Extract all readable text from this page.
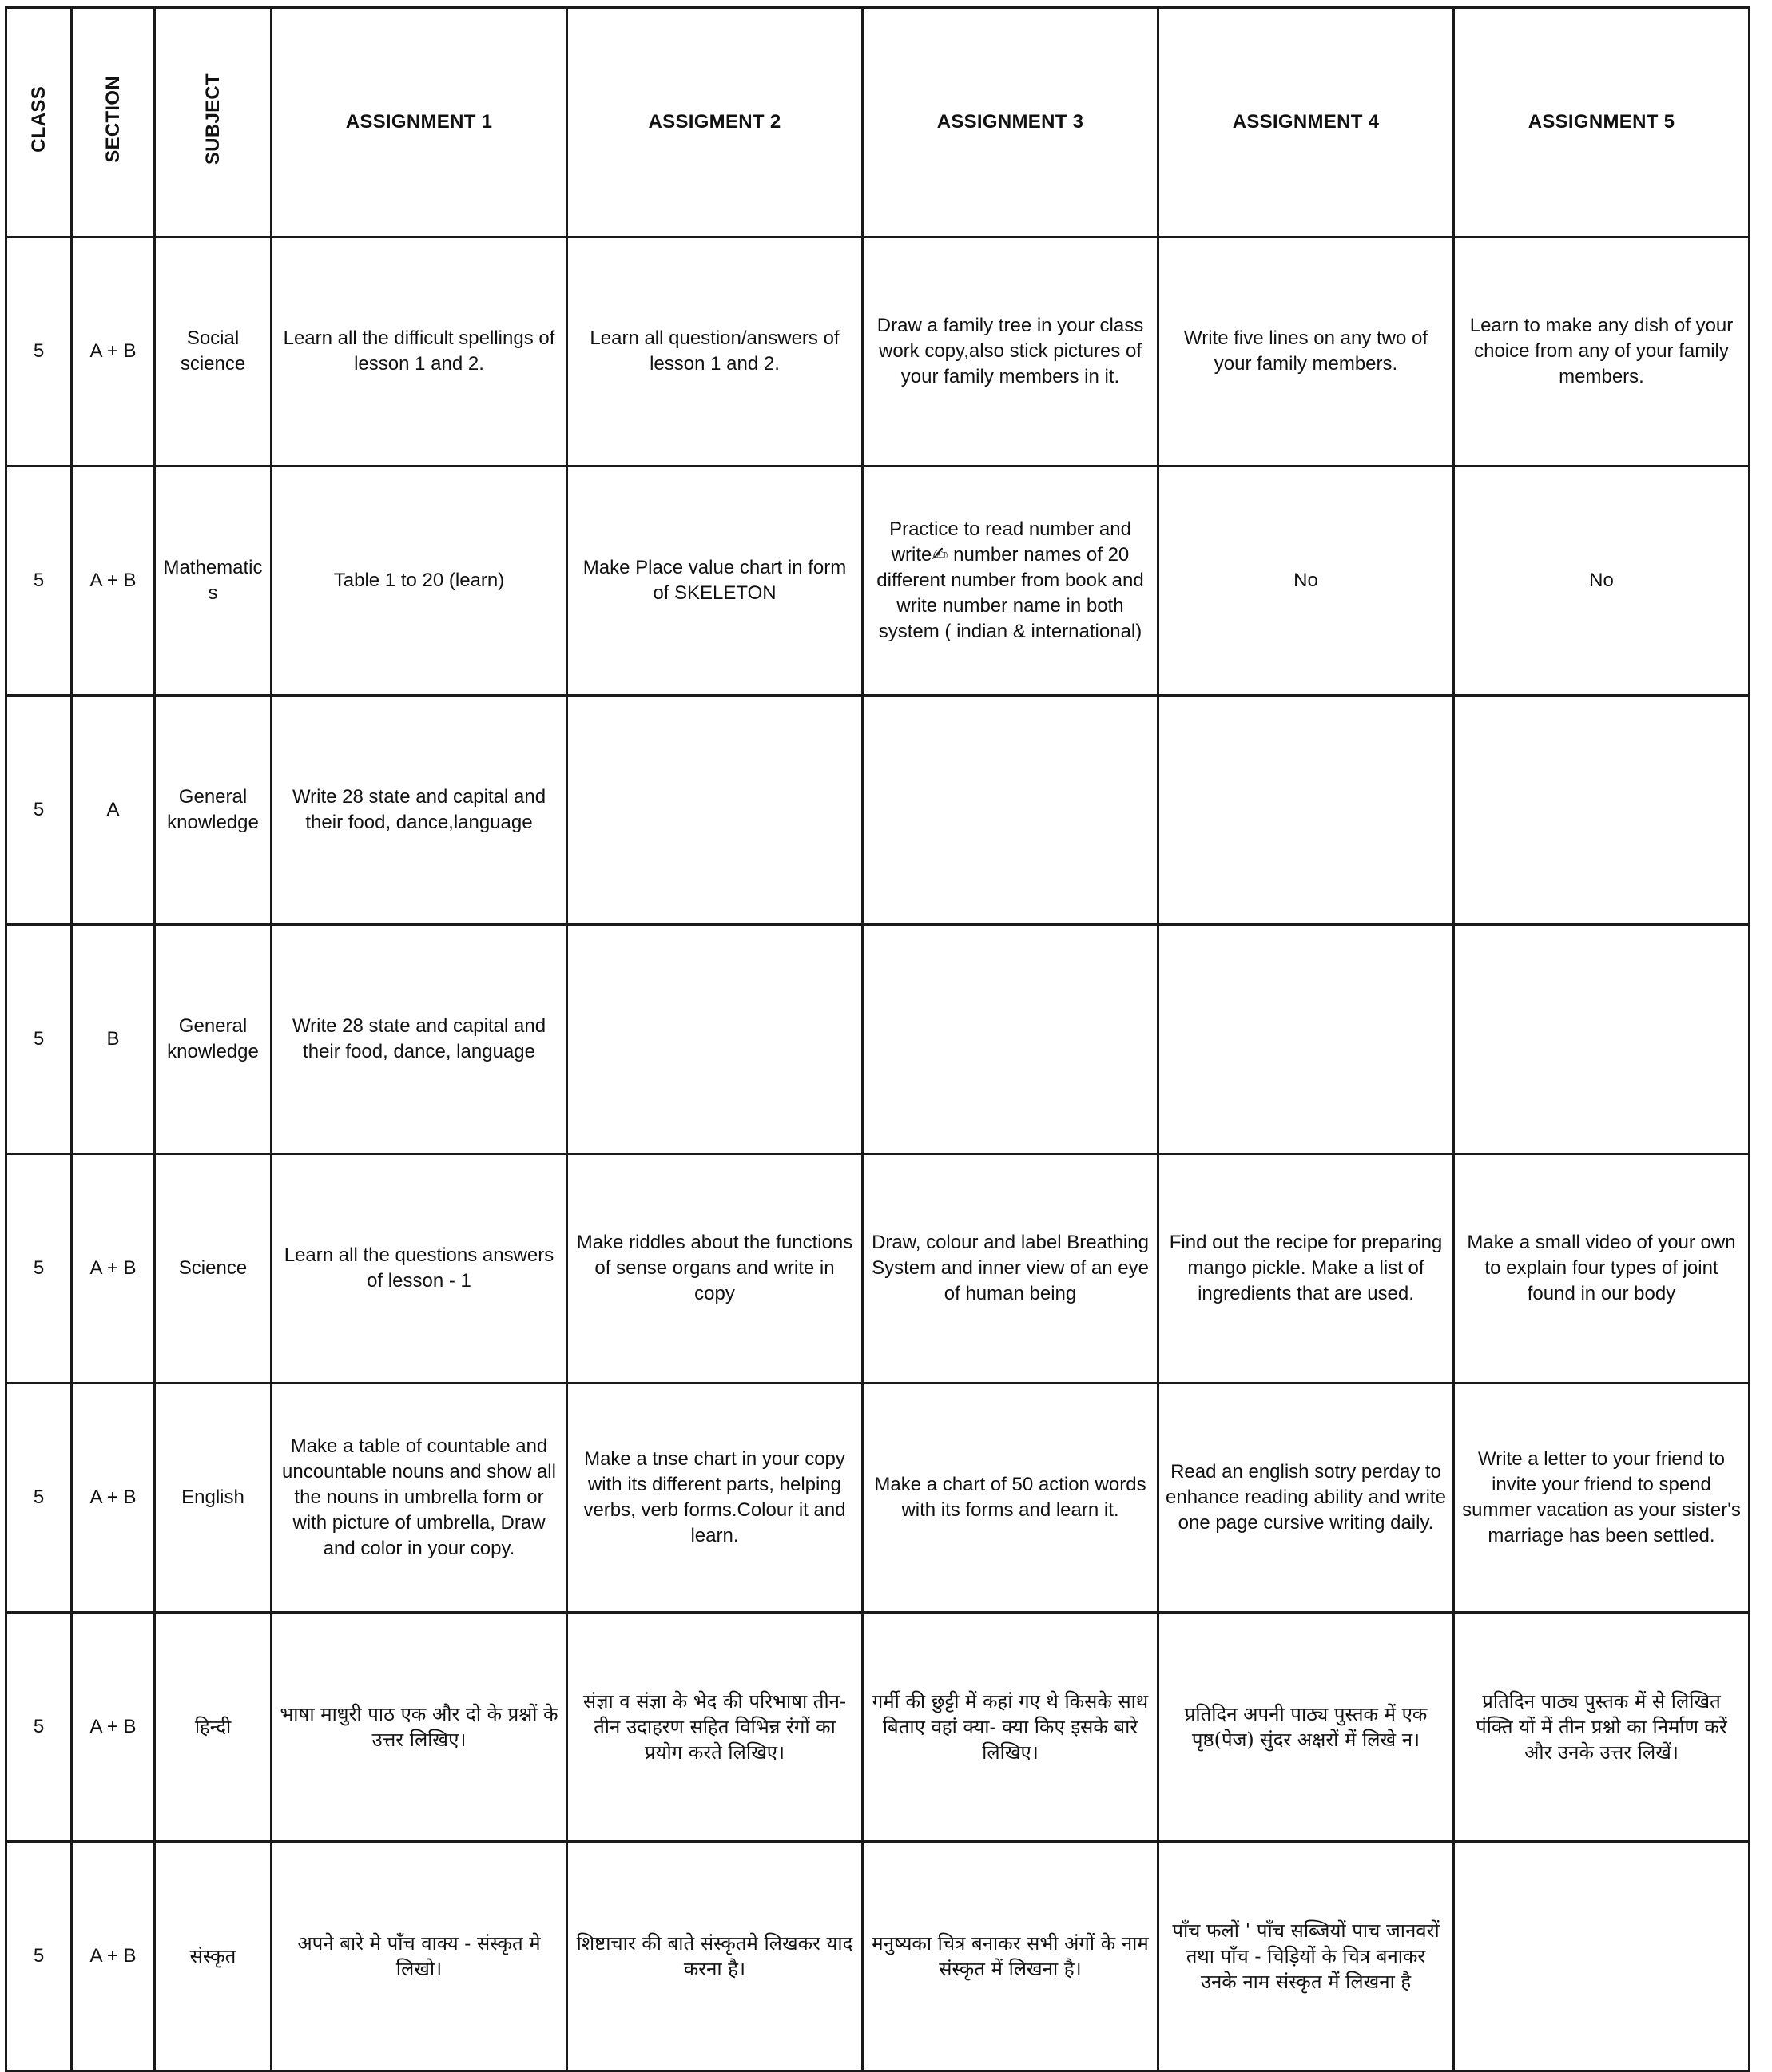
CLASS	SECTION	SUBJECT	ASSIGNMENT 1	ASSIGMENT 2	ASSIGNMENT 3	ASSIGNMENT 4	ASSIGNMENT 5
5	A + B	Social science	Learn all the difficult spellings of lesson 1 and 2.	Learn all question/answers of lesson 1 and 2.	Draw a family tree in your class work copy,also stick pictures of your family members in it.	Write five lines on any two of your family members.	Learn to make any dish of your choice from any of your family members.
5	A + B	Mathematics	Table 1 to 20 (learn)	Make Place value chart in form of SKELETON	Practice to read number and write✍ number names of 20 different number from book and write number name in both system ( indian & international)	No	No
5	A	General knowledge	Write 28 state and capital and their food, dance,language				
5	B	General knowledge	Write 28 state and capital and their food, dance, language				
5	A + B	Science	Learn all the questions answers of lesson - 1	Make riddles about the functions of sense organs and write in copy	Draw, colour and label Breathing System and inner view of an eye of human being	Find out the recipe for preparing mango pickle. Make a list of ingredients that are used.	Make a small video of your own to explain four types of joint found in our body
5	A + B	English	Make a table of countable and uncountable nouns and show all the nouns in umbrella form or with picture of umbrella, Draw and color in your copy.	Make a tnse chart in your copy with its different parts, helping verbs, verb forms.Colour it and learn.	Make a chart of 50 action words with its forms and learn it.	Read an english sotry perday to enhance reading ability and write one page cursive writing daily.	Write a letter to your friend to invite your friend to spend summer vacation as your sister's marriage has been settled.
5	A + B	हिन्दी	भाषा माधुरी पाठ एक और दो के प्रश्नों के उत्तर लिखिए।	संज्ञा व संज्ञा के भेद की परिभाषा तीन-तीन उदाहरण सहित विभिन्न रंगों का प्रयोग करते लिखिए।	गर्मी की छुट्टी में कहां गए थे किसके साथ बिताए वहां क्या- क्या किए इसके बारे लिखिए।	प्रतिदिन अपनी पाठ्य पुस्तक में एक पृष्ठ(पेज) सुंदर अक्षरों में लिखे न।	प्रतिदिन पाठ्य पुस्तक में से लिखित पंक्ति यों में तीन प्रश्नो का निर्माण करें और उनके उत्तर लिखें।
5	A + B	संस्कृत	अपने बारे मे पाँच वाक्य - संस्कृत मे लिखो।	शिष्टाचार की बाते संस्कृतमे लिखकर याद करना है।	मनुष्यका चित्र बनाकर सभी अंगों के नाम संस्कृत में लिखना है।	पाँच फलों ' पाँच सब्जियों पाच जानवरों तथा पाँच - चिड़ियों के चित्र बनाकर उनके नाम संस्कृत में लिखना है	
